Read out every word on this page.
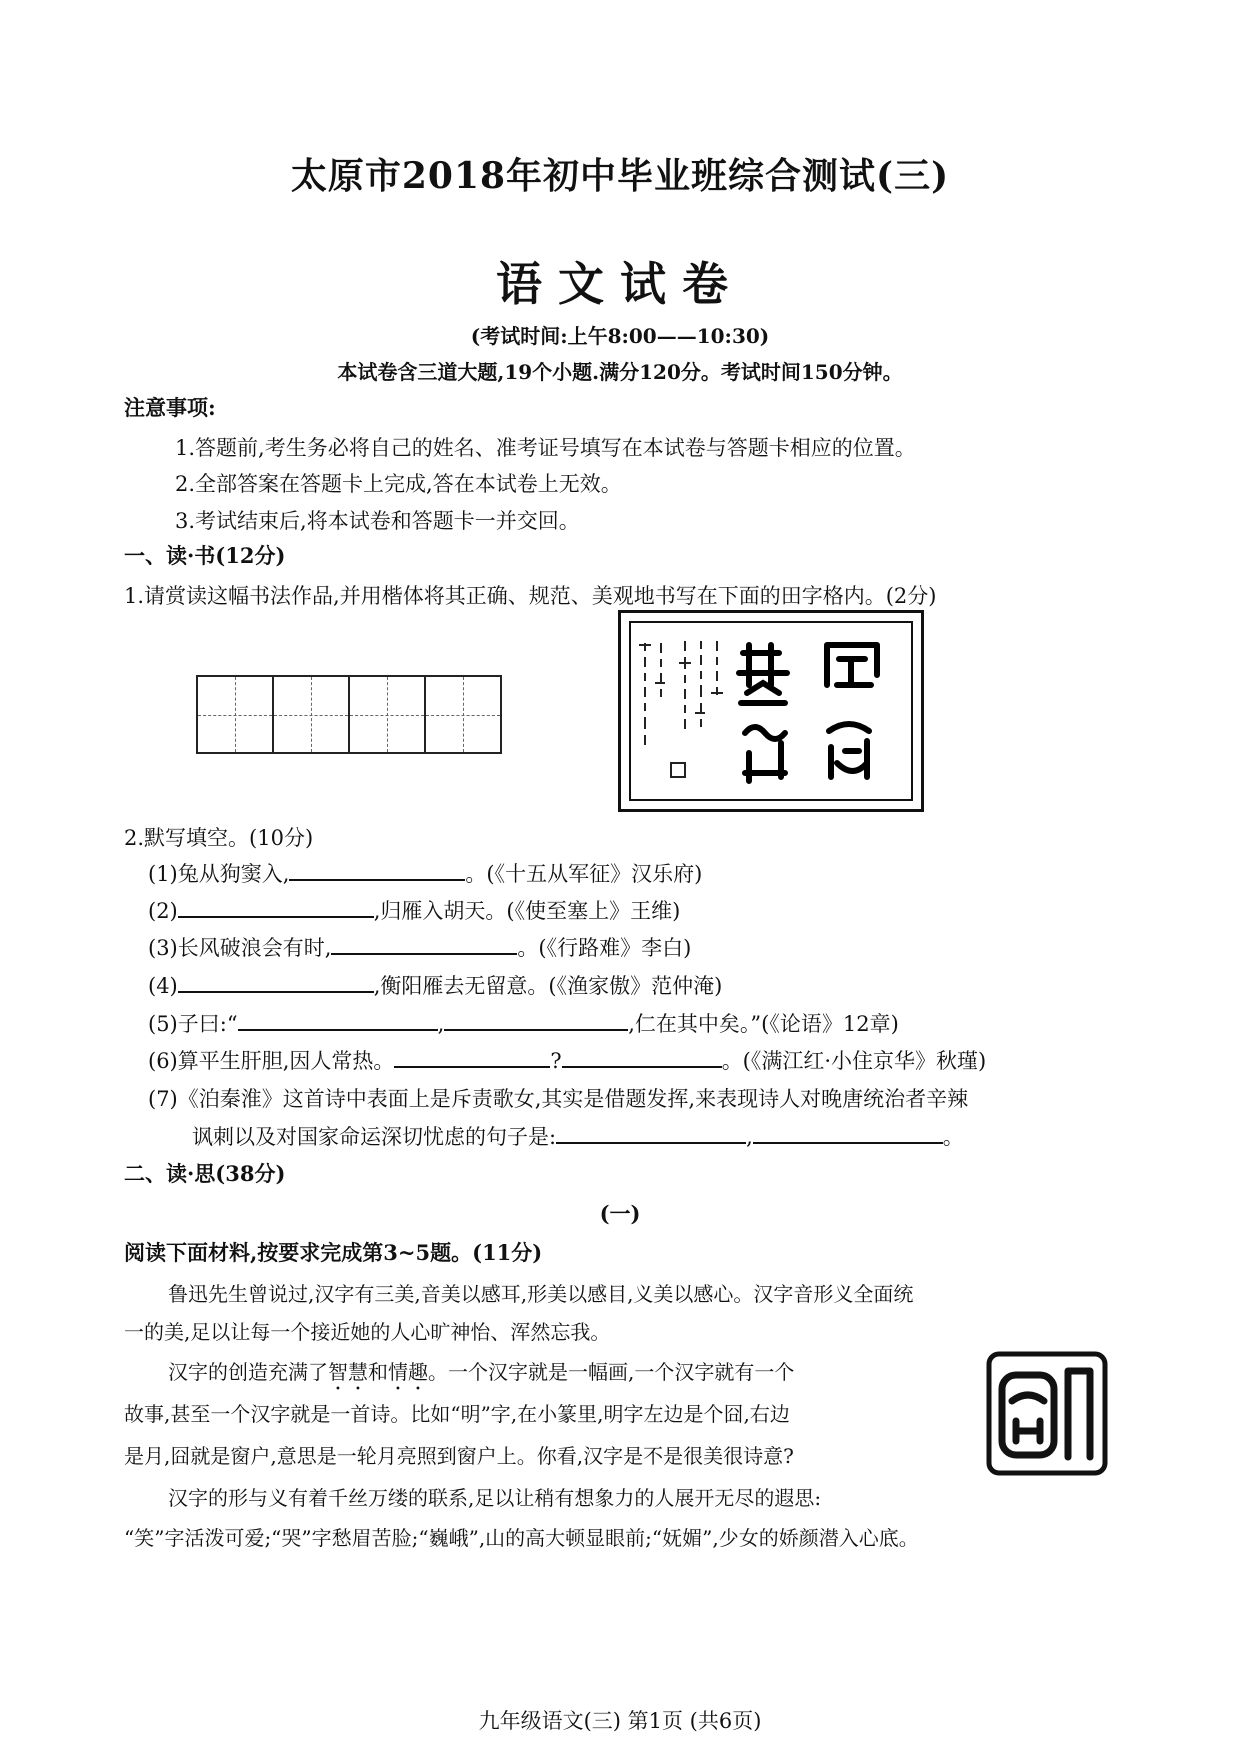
太原市2018年初中毕业班综合测试(三)
语文试卷
(考试时间:上午8:00——10:30)
本试卷含三道大题,19个小题.满分120分。考试时间150分钟。
注意事项:
1.答题前,考生务必将自己的姓名、准考证号填写在本试卷与答题卡相应的位置。
2.全部答案在答题卡上完成,答在本试卷上无效。
3.考试结束后,将本试卷和答题卡一并交回。
一、读·书(12分)
1.请赏读这幅书法作品,并用楷体将其正确、规范、美观地书写在下面的田字格内。(2分)
2.默写填空。(10分)
(1)兔从狗窦入,	。(《十五从军征》汉乐府)
(2)	,归雁入胡天。(《使至塞上》王维)
(3)长风破浪会有时,	。(《行路难》李白)
(4)	,衡阳雁去无留意。(《渔家傲》范仲淹)
(5)子曰:“	,	,仁在其中矣。”(《论语》12章)
(6)算平生肝胆,因人常热。	?	。(《满江红·小住京华》秋瑾)
(7)《泊秦淮》这首诗中表面上是斥责歌女,其实是借题发挥,来表现诗人对晚唐统治者辛辣
讽刺以及对国家命运深切忧虑的句子是:	,	。
二、读·思(38分)
(一)
阅读下面材料,按要求完成第3~5题。(11分)
鲁迅先生曾说过,汉字有三美,音美以感耳,形美以感目,义美以感心。汉字音形义全面统
一的美,足以让每一个接近她的人心旷神怡、浑然忘我。
汉字的创造充满了智慧和情趣。一个汉字就是一幅画,一个汉字就有一个
故事,甚至一个汉字就是一首诗。比如“明”字,在小篆里,明字左边是个囧,右边
是月,囧就是窗户,意思是一轮月亮照到窗户上。你看,汉字是不是很美很诗意?
汉字的形与义有着千丝万缕的联系,足以让稍有想象力的人展开无尽的遐思:
“笑”字活泼可爱;“哭”字愁眉苦脸;“巍峨”,山的高大顿显眼前;“妩媚”,少女的娇颜潜入心底。
九年级语文(三) 第1页 (共6页)
